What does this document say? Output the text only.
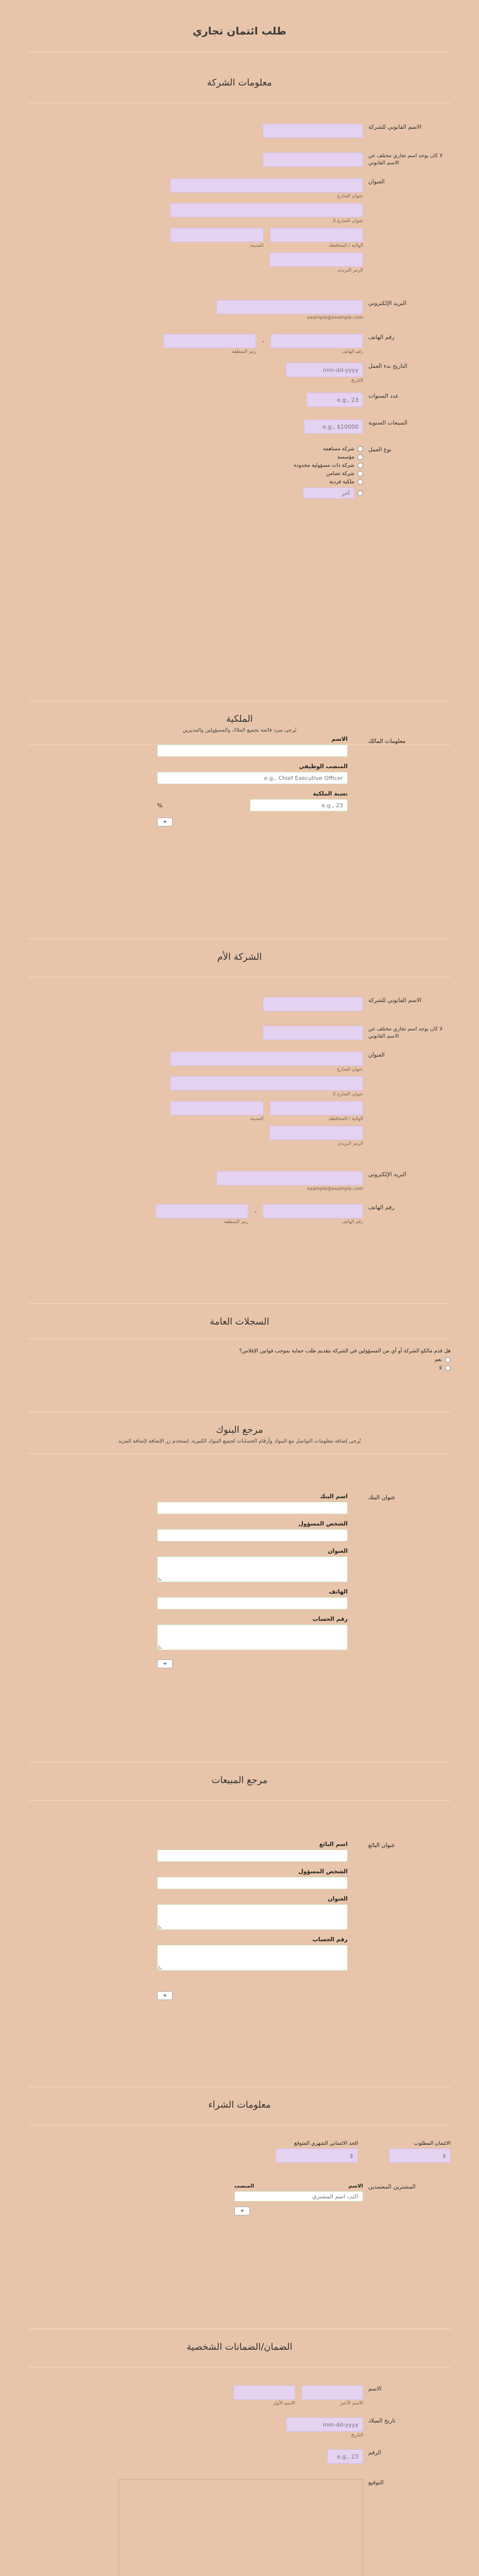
طلب ائتمان تجاري
معلومات الشركة
الاسم القانوني للشركة
لا كان يوجد اسم تجاري مختلف عن الاسم القانوني
العنوان
عنوان الشارع
عنوان الشارع 2
الولاية / المحافظة
المدينة
الرمز البريدي
البريد الإلكتروني
example@example.com
رقم الهاتف
رقم الهاتف
-
رمز المنطقة
التاريخ بدء العمل
mm-dd-yyyy
التاريخ
عدد السنوات
e.g., 23
المبيعات السنوية
e.g., $10000
نوع العمل
شركة مساهمة
مؤسسة
شركة ذات مسؤولية محدودة
شركة تضامن
ملكية فردية
آخر
الملكية
يُرجى سرد قائمة بجميع الملاك والمسؤولين والمديرين
معلومات المالك
الاسم
المنصب الوظيفي
e.g., Chief Executive Officer
نسبة الملكية
e.g., 23
%
+
الشركة الأم
الاسم القانوني للشركة
لا كان يوجد اسم تجاري مختلف عن الاسم القانوني
العنوان
عنوان الشارع
عنوان الشارع 2
الولاية / المحافظة
المدينة
الرمز البريدي
البريد الإلكتروني
example@example.com
رقم الهاتف
رقم الهاتف
-
رمز المنطقة
السجلات العامة
هل قدم مالكو الشركة أو أي من المسؤولين في الشركة بتقديم طلب حماية بموجب قوانين الإفلاس؟
نعم
لا
مرجع البنوك
يُرجى إضافة معلومات التواصل مع البنوك وأرقام الحسابات لجميع البنوك الكبيرة. استخدم زر الإضافة لإضافة المزيد
عنوان البنك
اسم البنك
الشخص المسؤول
العنوان
الهاتف
رقم الحساب
+
مرجع المبيعات
عنوان البائع
اسم البائع
الشخص المسؤول
العنوان
رقم الحساب
+
معلومات الشراء
الحد الائتماني الشهري المتوقع
$	الائتمان المطلوب
$
المشترين المعتمدين
الاسم
المنصب
اكتب اسم المشتري
+
الضمان/الضمانات الشخصية
الاسم
الاسم الأخير
الاسم الأول
تاريخ الميلاد
mm-dd-yyyy
التاريخ
الرقم
e.g., 23
التوقيع
